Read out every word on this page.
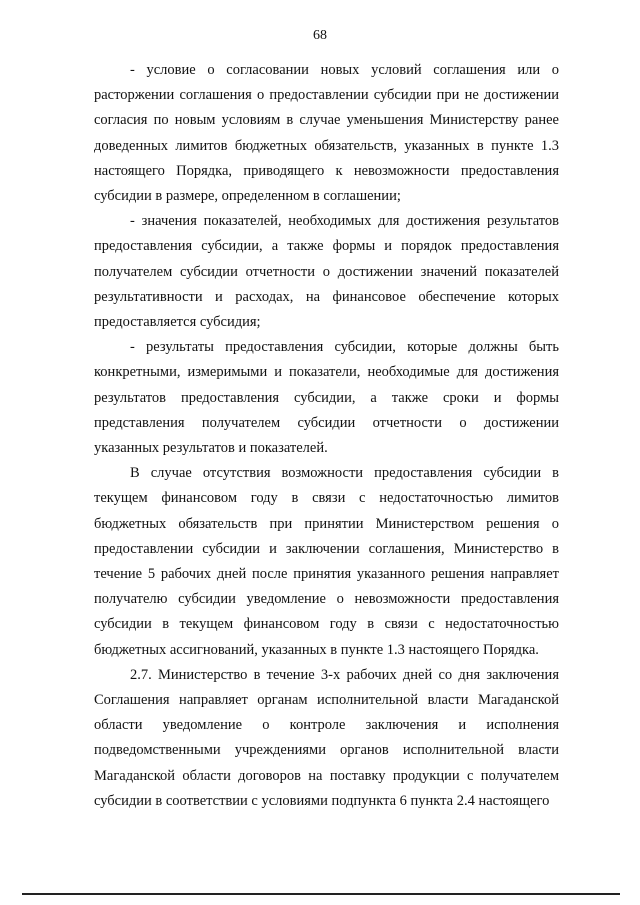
68

- условие о согласовании новых условий соглашения или о расторжении соглашения о предоставлении субсидии при не достижении согласия по новым условиям в случае уменьшения Министерству ранее доведенных лимитов бюджетных обязательств, указанных в пункте 1.3 настоящего Порядка, приводящего к невозможности предоставления субсидии в размере, определенном в соглашении;

- значения показателей, необходимых для достижения результатов предоставления субсидии, а также формы и порядок предоставления получателем субсидии отчетности о достижении значений показателей результативности и расходах, на финансовое обеспечение которых предоставляется субсидия;

- результаты предоставления субсидии, которые должны быть конкретными, измеримыми и показатели, необходимые для достижения результатов предоставления субсидии, а также сроки и формы представления получателем субсидии отчетности о достижении указанных результатов и показателей.

В случае отсутствия возможности предоставления субсидии в текущем финансовом году в связи с недостаточностью лимитов бюджетных обязательств при принятии Министерством решения о предоставлении субсидии и заключении соглашения, Министерство в течение 5 рабочих дней после принятия указанного решения направляет получателю субсидии уведомление о невозможности предоставления субсидии в текущем финансовом году в связи с недостаточностью бюджетных ассигнований, указанных в пункте 1.3 настоящего Порядка.

2.7. Министерство в течение 3-х рабочих дней со дня заключения Соглашения направляет органам исполнительной власти Магаданской области уведомление о контроле заключения и исполнения подведомственными учреждениями органов исполнительной власти Магаданской области договоров на поставку продукции с получателем субсидии в соответствии с условиями подпункта 6 пункта 2.4 настоящего
